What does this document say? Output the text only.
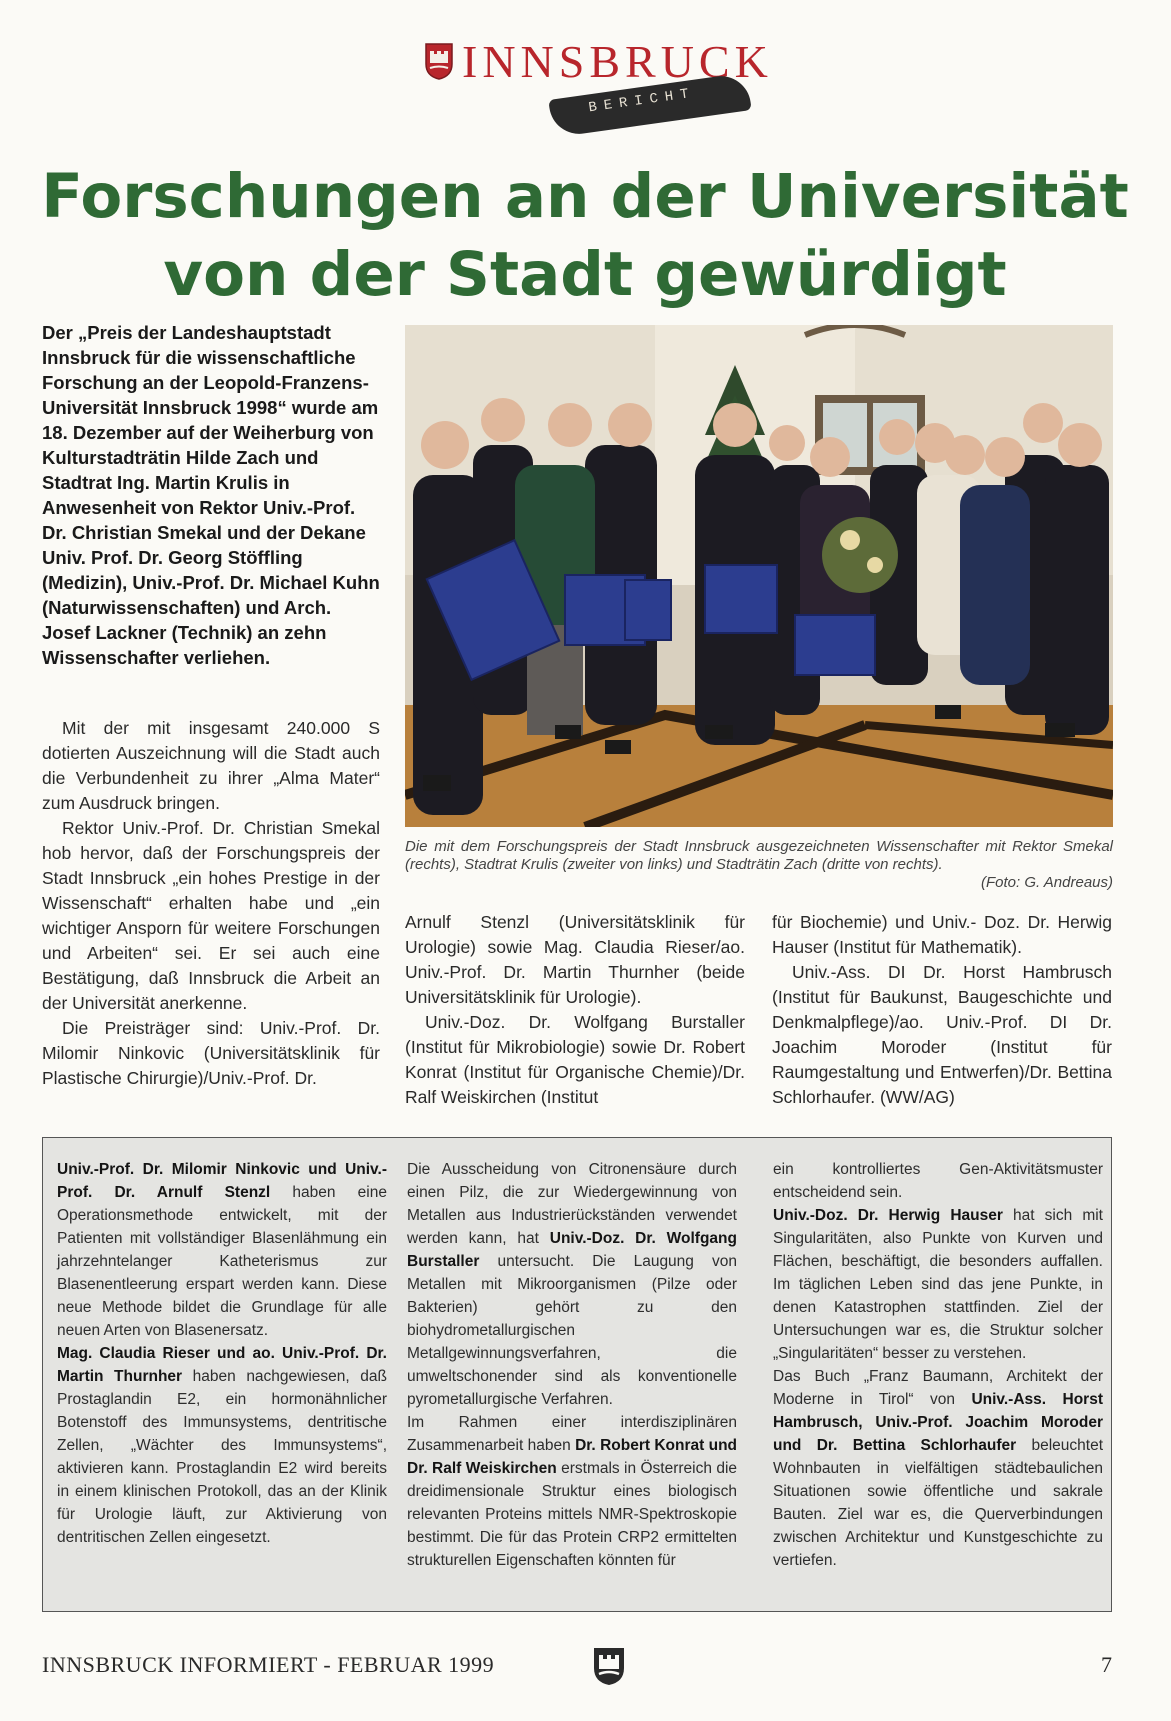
INNSBRUCK
BERICHT
Forschungen an der Universität
von der Stadt gewürdigt
Der „Preis der Landeshauptstadt Innsbruck für die wissenschaftliche Forschung an der Leopold-Franzens-Universität Innsbruck 1998“ wurde am 18. Dezember auf der Weiherburg von Kulturstadträtin Hilde Zach und Stadtrat Ing. Martin Krulis in Anwesenheit von Rektor Univ.-Prof. Dr. Christian Smekal und der Dekane Univ. Prof. Dr. Georg Stöffling (Medizin), Univ.-Prof. Dr. Michael Kuhn (Naturwissenschaften) und Arch. Josef Lackner (Technik) an zehn Wissenschafter verliehen.

Mit der mit insgesamt 240.000 S dotierten Auszeichnung will die Stadt auch die Verbundenheit zu ihrer „Alma Mater“ zum Ausdruck bringen.

Rektor Univ.-Prof. Dr. Christian Smekal hob hervor, daß der Forschungspreis der Stadt Innsbruck „ein hohes Prestige in der Wissenschaft“ erhalten habe und „ein wichtiger Ansporn für weitere Forschungen und Arbeiten“ sei. Er sei auch eine Bestätigung, daß Innsbruck die Arbeit an der Universität anerkenne.

Die Preisträger sind: Univ.-Prof. Dr. Milomir Ninkovic (Universitätsklinik für Plastische Chirurgie)/Univ.-Prof. Dr.

Die mit dem Forschungspreis der Stadt Innsbruck ausgezeichneten Wissenschafter mit Rektor Smekal (rechts), Stadtrat Krulis (zweiter von links) und Stadträtin Zach (dritte von rechts).
(Foto: G. Andreaus)

Arnulf Stenzl (Universitätsklinik für Urologie) sowie Mag. Claudia Rieser/ao. Univ.-Prof. Dr. Martin Thurnher (beide Universitätsklinik für Urologie).

Univ.-Doz. Dr. Wolfgang Burstaller (Institut für Mikrobiologie) sowie Dr. Robert Konrat (Institut für Organische Chemie)/Dr. Ralf Weiskirchen (Institut

für Biochemie) und Univ.- Doz. Dr. Herwig Hauser (Institut für Mathematik).

Univ.-Ass. DI Dr. Horst Hambrusch (Institut für Baukunst, Baugeschichte und Denkmalpflege)/ao. Univ.-Prof. DI Dr. Joachim Moroder (Institut für Raumgestaltung und Entwerfen)/Dr. Bettina Schlorhaufer. (WW/AG)

Univ.-Prof. Dr. Milomir Ninkovic und Univ.-Prof. Dr. Arnulf Stenzl haben eine Operationsmethode entwickelt, mit der Patienten mit vollständiger Blasenlähmung ein jahrzehntelanger Katheterismus zur Blasenentleerung erspart werden kann. Diese neue Methode bildet die Grundlage für alle neuen Arten von Blasenersatz.

Mag. Claudia Rieser und ao. Univ.-Prof. Dr. Martin Thurnher haben nachgewiesen, daß Prostaglandin E2, ein hormonähnlicher Botenstoff des Immunsystems, dentritische Zellen, „Wächter des Immunsystems“, aktivieren kann. Prostaglandin E2 wird bereits in einem klinischen Protokoll, das an der Klinik für Urologie läuft, zur Aktivierung von dentritischen Zellen eingesetzt.

Die Ausscheidung von Citronensäure durch einen Pilz, die zur Wiedergewinnung von Metallen aus Industrierückständen verwendet werden kann, hat Univ.-Doz. Dr. Wolfgang Burstaller untersucht. Die Laugung von Metallen mit Mikroorganismen (Pilze oder Bakterien) gehört zu den biohydrometallurgischen Metallgewinnungsverfahren, die umweltschonender sind als konventionelle pyrometallurgische Verfahren.

Im Rahmen einer interdisziplinären Zusammenarbeit haben Dr. Robert Konrat und Dr. Ralf Weiskirchen erstmals in Österreich die dreidimensionale Struktur eines biologisch relevanten Proteins mittels NMR-Spektroskopie bestimmt. Die für das Protein CRP2 ermittelten strukturellen Eigenschaften könnten für

ein kontrolliertes Gen-Aktivitätsmuster entscheidend sein.

Univ.-Doz. Dr. Herwig Hauser hat sich mit Singularitäten, also Punkte von Kurven und Flächen, beschäftigt, die besonders auffallen. Im täglichen Leben sind das jene Punkte, in denen Katastrophen stattfinden. Ziel der Untersuchungen war es, die Struktur solcher „Singularitäten“ besser zu verstehen.

Das Buch „Franz Baumann, Architekt der Moderne in Tirol“ von Univ.-Ass. Horst Hambrusch, Univ.-Prof. Joachim Moroder und Dr. Bettina Schlorhaufer beleuchtet Wohnbauten in vielfältigen städtebaulichen Situationen sowie öffentliche und sakrale Bauten. Ziel war es, die Querverbindungen zwischen Architektur und Kunstgeschichte zu vertiefen.

INNSBRUCK INFORMIERT - FEBRUAR 1999	7
